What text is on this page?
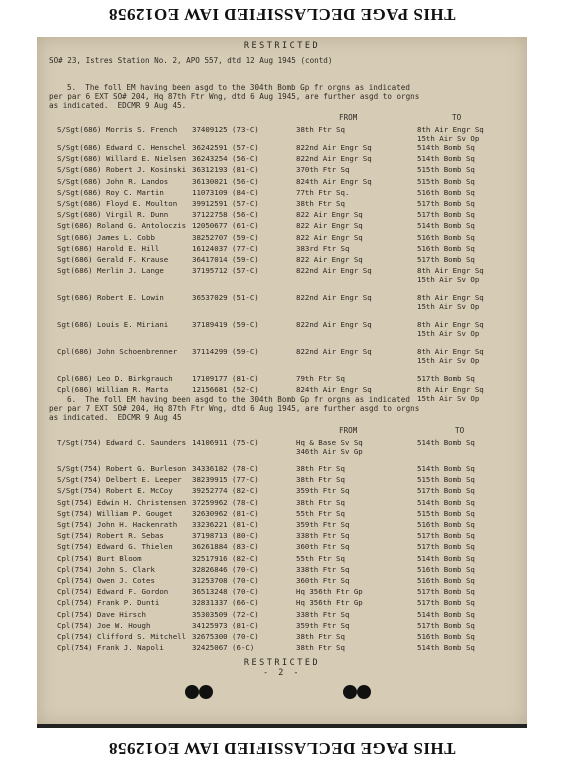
THIS PAGE DECLASSIFIED IAW EO12958
RESTRICTED
SO# 23, Istres Station No. 2, APO 557, dtd 12 Aug 1945 (contd)
5.  The foll EM having been asgd to the 304th Bomb Gp fr orgns as indicated
per par 6 EXT SO# 204, Hq 87th Ftr Wng, dtd 6 Aug 1945, are further asgd to orgns
as indicated.  EDCMR 9 Aug 45.
FROM	TO
S/Sgt(686) Morris S. French 37409125 (73-C)	38th Ftr Sq	8th Air Engr Sq
15th Air Sv Op
S/Sgt(686) Edward C. Henschel 36242591 (57-C)	822nd Air Engr Sq	514th Bomb Sq
S/Sgt(686) Willard E. Nielsen 36243254 (56-C)	822nd Air Engr Sq	514th Bomb Sq
S/Sgt(686) Robert J. Kosinski 36312193 (81-C)	370th Ftr Sq	515th Bomb Sq
S/Sgt(686) John R. Landos	36130021 (56-C)	824th Air Engr Sq	515th Bomb Sq
S/Sgt(686) Roy C. Martin	11073109 (84-C)	77th Ftr Sq.	516th Bomb Sq
S/Sgt(686) Floyd E. Moulton 39912591 (57-C)	38th Ftr Sq	517th Bomb Sq
S/Sgt(686) Virgil R. Dunn	37122758 (56-C)	822 Air Engr Sq	517th Bomb Sq
Sgt(686) Roland G. Antoloczis 12050677 (61-C)	822 Air Engr Sq	514th Bomb Sq
Sgt(686) James L. Cobb	38252707 (59-C)	822 Air Engr Sq	516th Bomb Sq
Sgt(686) Harold E. Hill	16124037 (77-C)	383rd Ftr Sq	516th Bomb Sq
Sgt(686) Gerald F. Krause	36417014 (59-C)	822 Air Engr Sq	517th Bomb Sq
Sgt(686) Merlin J. Lange	37195712 (57-C)	822nd Air Engr Sq	8th Air Engr Sq
15th Air Sv Op
Sgt(686) Robert E. Lowin	36537029 (51-C)	822nd Air Engr Sq	8th Air Engr Sq
15th Air Sv Op
Sgt(686) Louis E. Miriani	37189419 (59-C)	822nd Air Engr Sq	8th Air Engr Sq
15th Air Sv Op
Cpl(686) John Schoenbrenner 37114299 (59-C)	822nd Air Engr Sq	8th Air Engr Sq
15th Air Sv Op
Cpl(686) Leo D. Birkgrauch	17109177 (81-C)	79th Ftr Sq	517th Bomb Sq
Cpl(686) William R. Marta	12156681 (52-C)	824th Air Engr Sq	8th Air Engr Sq
15th Air Sv Op
6.  The foll EM having been asgd to the 304th Bomb Gp fr orgns as indicated
per par 7 EXT SO# 204, Hq 87th Ftr Wng, dtd 6 Aug 1945, are further asgd to orgns
as indicated.  EDCMR 9 Aug 45
FROM	TO
T/Sgt(754) Edward C. Saunders 14106911 (75-C)	Hq & Base Sv Sq	514th Bomb Sq
346th Air Sv Gp
S/Sgt(754) Robert G. Burleson 34336182 (78-C)	38th Ftr Sq	514th Bomb Sq
S/Sgt(754) Delbert E. Leeper 38239915 (77-C)	38th Ftr Sq	515th Bomb Sq
S/Sgt(754) Robert E. McCoy	39252774 (82-C)	359th Ftr Sq	517th Bomb Sq
Sgt(754) Edwin H. Christensen 37259962 (78-C)	38th Ftr Sq	514th Bomb Sq
Sgt(754) William P. Gouget	32630962 (81-C)	55th Ftr Sq	515th Bomb Sq
Sgt(754) John H. Hackenrath 33236221 (81-C)	359th Ftr Sq	516th Bomb Sq
Sgt(754) Robert R. Sebas	37198713 (80-C)	338th Ftr Sq	517th Bomb Sq
Sgt(754) Edward G. Thielen	36261884 (83-C)	360th Ftr Sq	517th Bomb Sq
Cpl(754) Burt Bloom	32517916 (82-C)	55th Ftr Sq	514th Bomb Sq
Cpl(754) John S. Clark	32826846 (70-C)	338th Ftr Sq	516th Bomb Sq
Cpl(754) Owen J. Cotes	31253708 (70-C)	360th Ftr Sq	516th Bomb Sq
Cpl(754) Edward F. Gordon	36513248 (70-C)	Hq 356th Ftr Gp	517th Bomb Sq
Cpl(754) Frank P. Dunti	32831337 (66-C)	Hq 356th Ftr Gp	517th Bomb Sq
Cpl(754) Dave Hirsch	35303509 (72-C)	338th Ftr Sq	514th Bomb Sq
Cpl(754) Joe W. Hough	34125973 (81-C)	359th Ftr Sq	517th Bomb Sq
Cpl(754) Clifford S. Mitchell 32675300 (70-C)	38th Ftr Sq	516th Bomb Sq
Cpl(754) Frank J. Napoli	32425067 (6-C)	38th Ftr Sq	514th Bomb Sq
RESTRICTED
- 2 -
THIS PAGE DECLASSIFIED IAW EO12958
